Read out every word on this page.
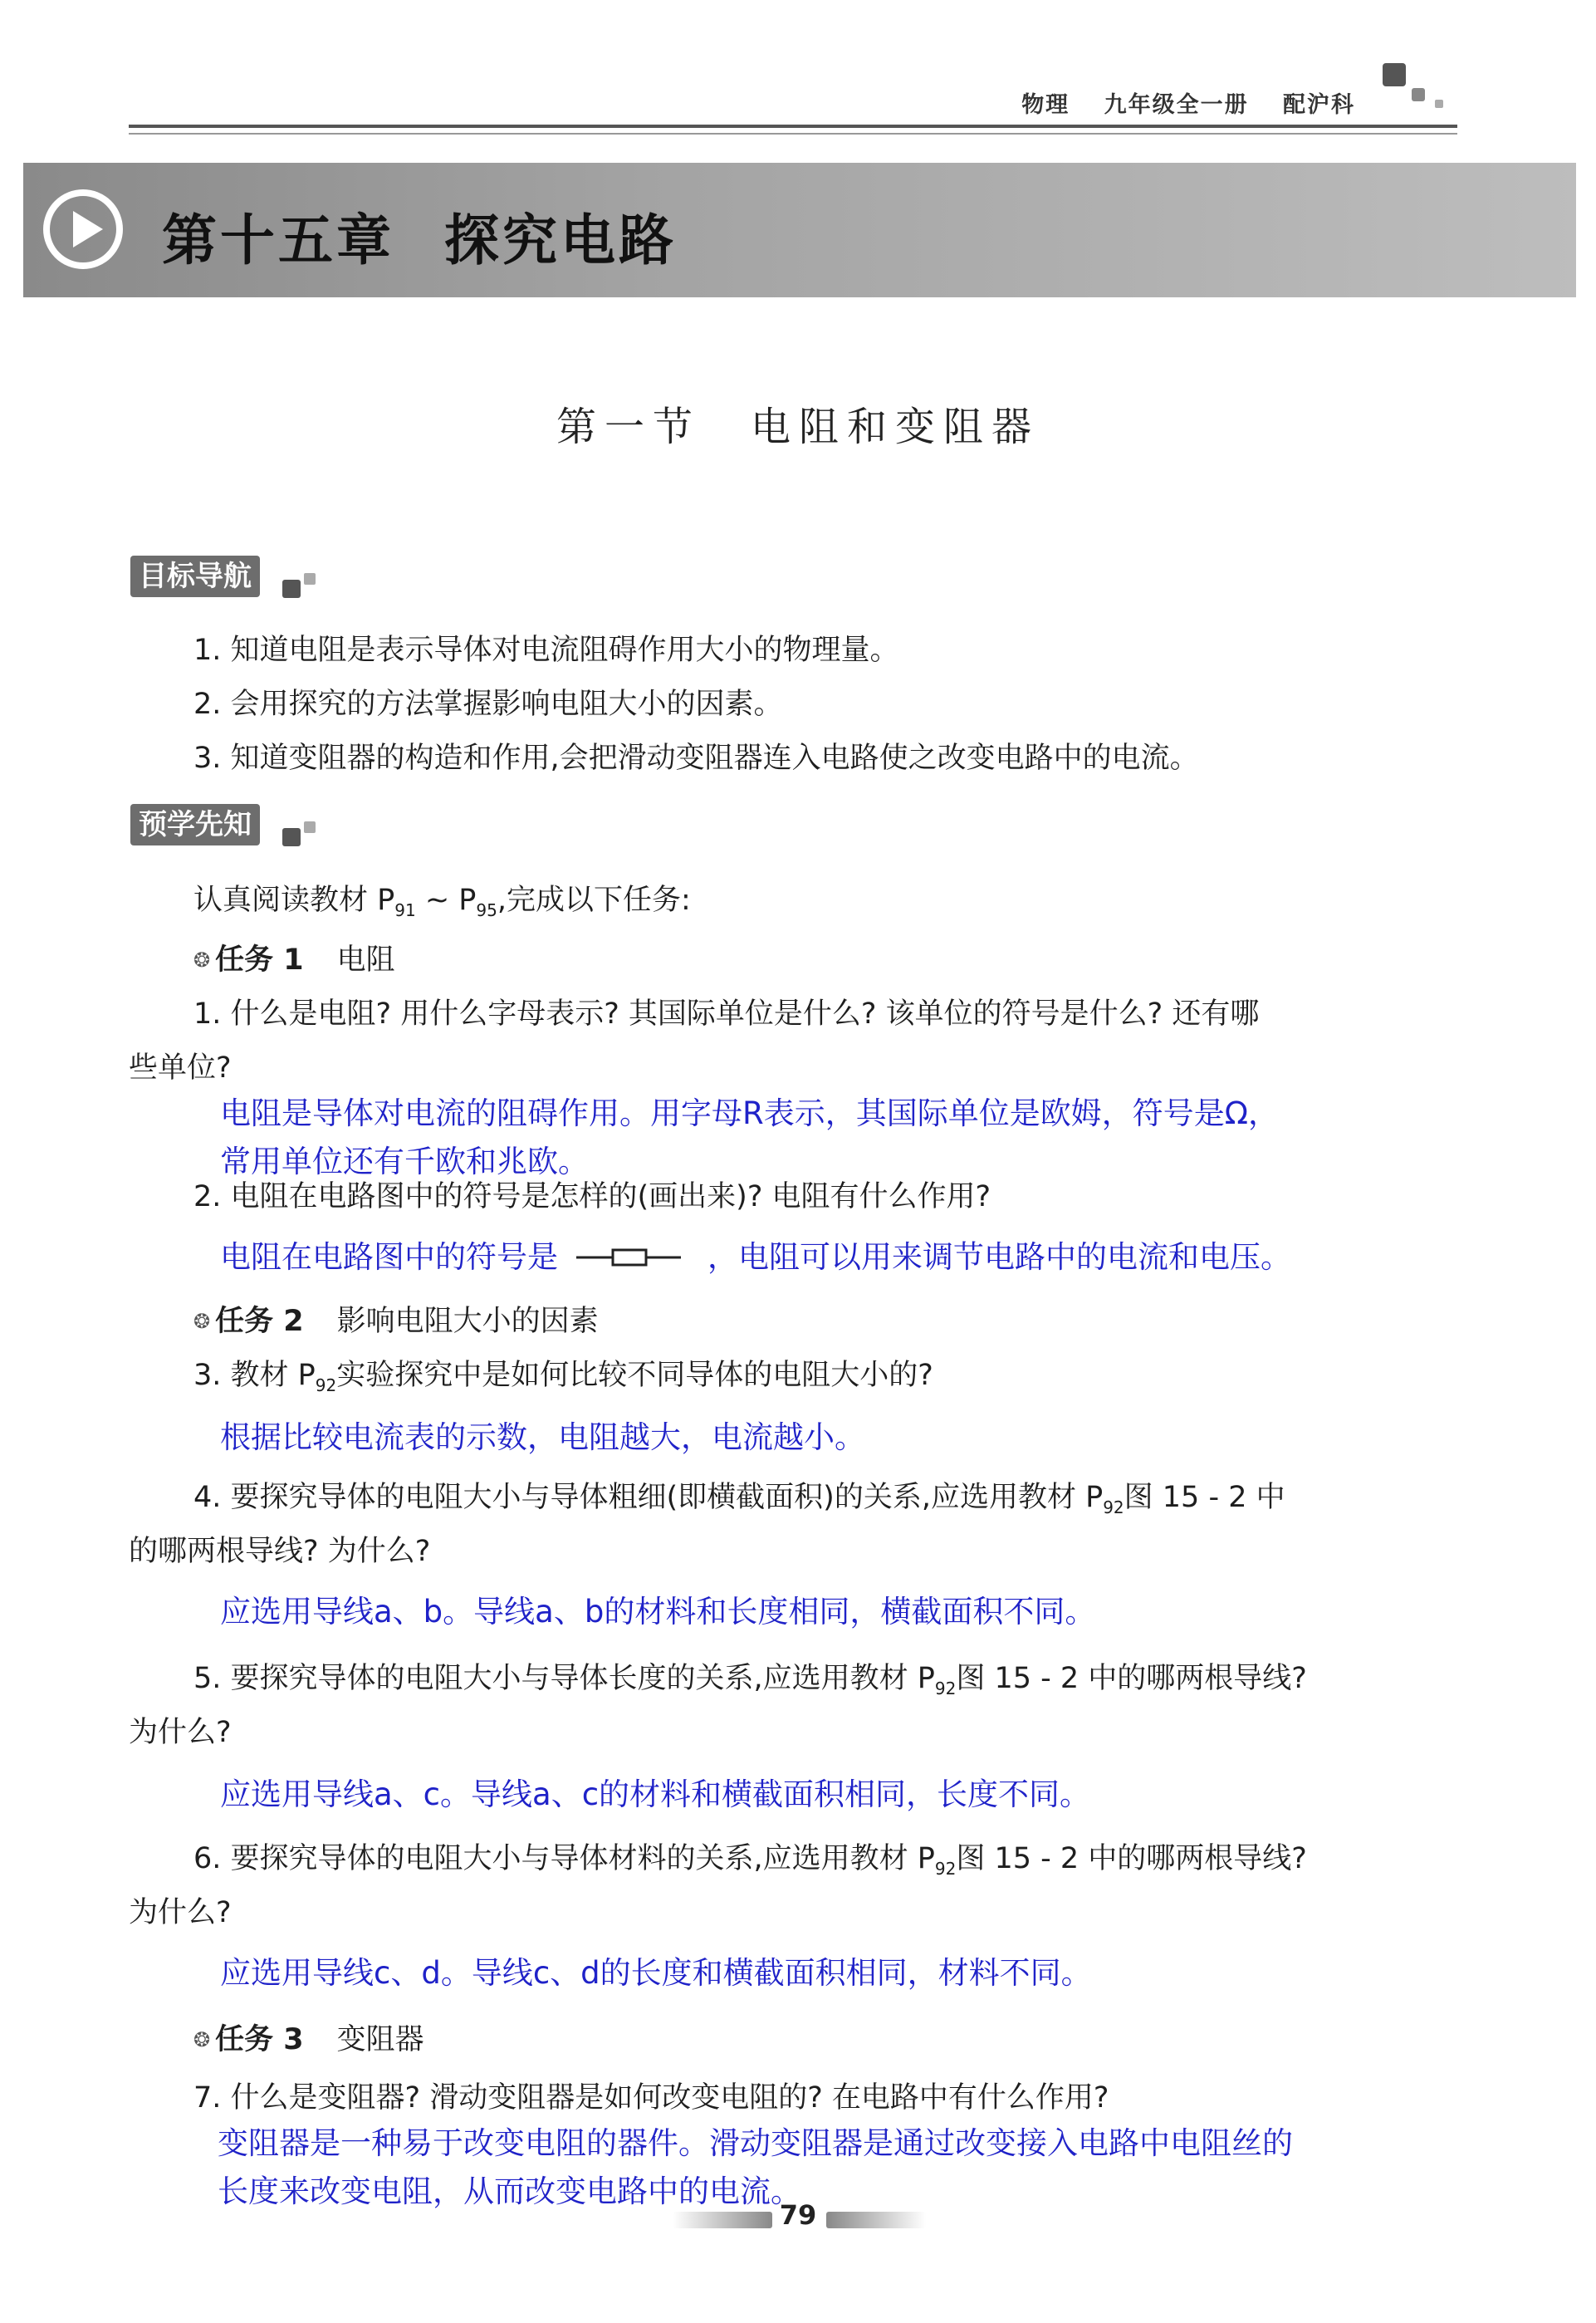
物理 九年级全一册 配沪科
第十五章 探究电路
第一节 电阻和变阻器
目标导航
1. 知道电阻是表示导体对电流阻碍作用大小的物理量。
2. 会用探究的方法掌握影响电阻大小的因素。
3. 知道变阻器的构造和作用,会把滑动变阻器连入电路使之改变电路中的电流。
预学先知
认真阅读教材 $P_{91}$ ~ $P_{95}$,完成以下任务:
❂ 任务 1 电阻
1. 什么是电阻? 用什么字母表示? 其国际单位是什么? 该单位的符号是什么? 还有哪
些单位?
电阻是导体对电流的阻碍作用。用字母R表示，其国际单位是欧姆，符号是Ω，
常用单位还有千欧和兆欧。
2. 电阻在电路图中的符号是怎样的(画出来)? 电阻有什么作用?
电阻在电路图中的符号是	，电阻可以用来调节电路中的电流和电压。
❂ 任务 2 影响电阻大小的因素
3. 教材 $P_{92}$实验探究中是如何比较不同导体的电阻大小的?
根据比较电流表的示数，电阻越大，电流越小。
4. 要探究导体的电阻大小与导体粗细(即横截面积)的关系,应选用教材 $P_{92}$图 15 - 2 中
的哪两根导线? 为什么?
应选用导线a、b。导线a、b的材料和长度相同，横截面积不同。
5. 要探究导体的电阻大小与导体长度的关系,应选用教材 $P_{92}$图 15 - 2 中的哪两根导线?
为什么?
应选用导线a、c。导线a、c的材料和横截面积相同，长度不同。
6. 要探究导体的电阻大小与导体材料的关系,应选用教材 $P_{92}$图 15 - 2 中的哪两根导线?
为什么?
应选用导线c、d。导线c、d的长度和横截面积相同，材料不同。
❂ 任务 3 变阻器
7. 什么是变阻器? 滑动变阻器是如何改变电阻的? 在电路中有什么作用?
变阻器是一种易于改变电阻的器件。滑动变阻器是通过改变接入电路中电阻丝的
长度来改变电阻，从而改变电路中的电流。
79
